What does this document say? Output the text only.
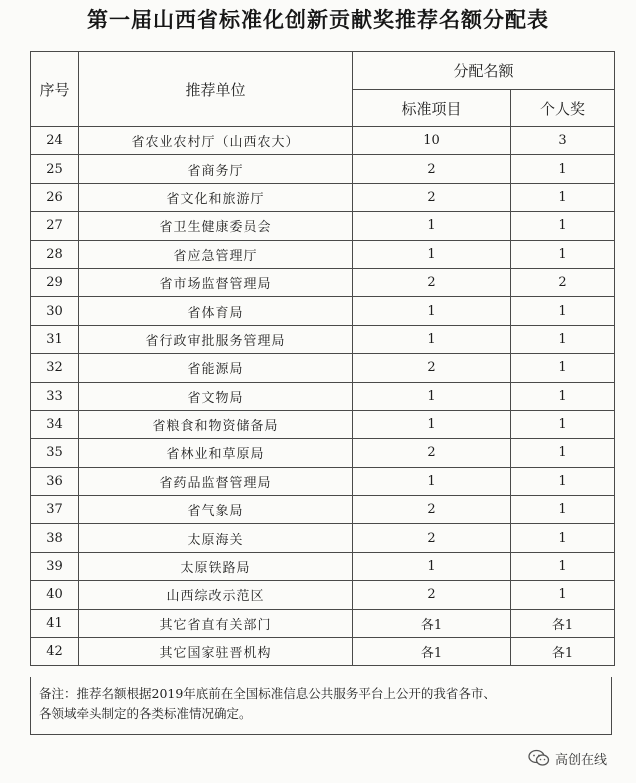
第一届山西省标准化创新贡献奖推荐名额分配表
序号	推荐单位	分配名额	
		标准项目	个人奖
24	省农业农村厅（山西农大）	10	3
25	省商务厅	2	1
26	省文化和旅游厅	2	1
27	省卫生健康委员会	1	1
28	省应急管理厅	1	1
29	省市场监督管理局	2	2
30	省体育局	1	1
31	省行政审批服务管理局	1	1
32	省能源局	2	1
33	省文物局	1	1
34	省粮食和物资储备局	1	1
35	省林业和草原局	2	1
36	省药品监督管理局	1	1
37	省气象局	2	1
38	太原海关	2	1
39	太原铁路局	1	1
40	山西综改示范区	2	1
41	其它省直有关部门	各1	各1
42	其它国家驻晋机构	各1	各1
备注：推荐名额根据2019年底前在全国标准信息公共服务平台上公开的我省各市、
各领域牵头制定的各类标准情况确定。
高创在线
